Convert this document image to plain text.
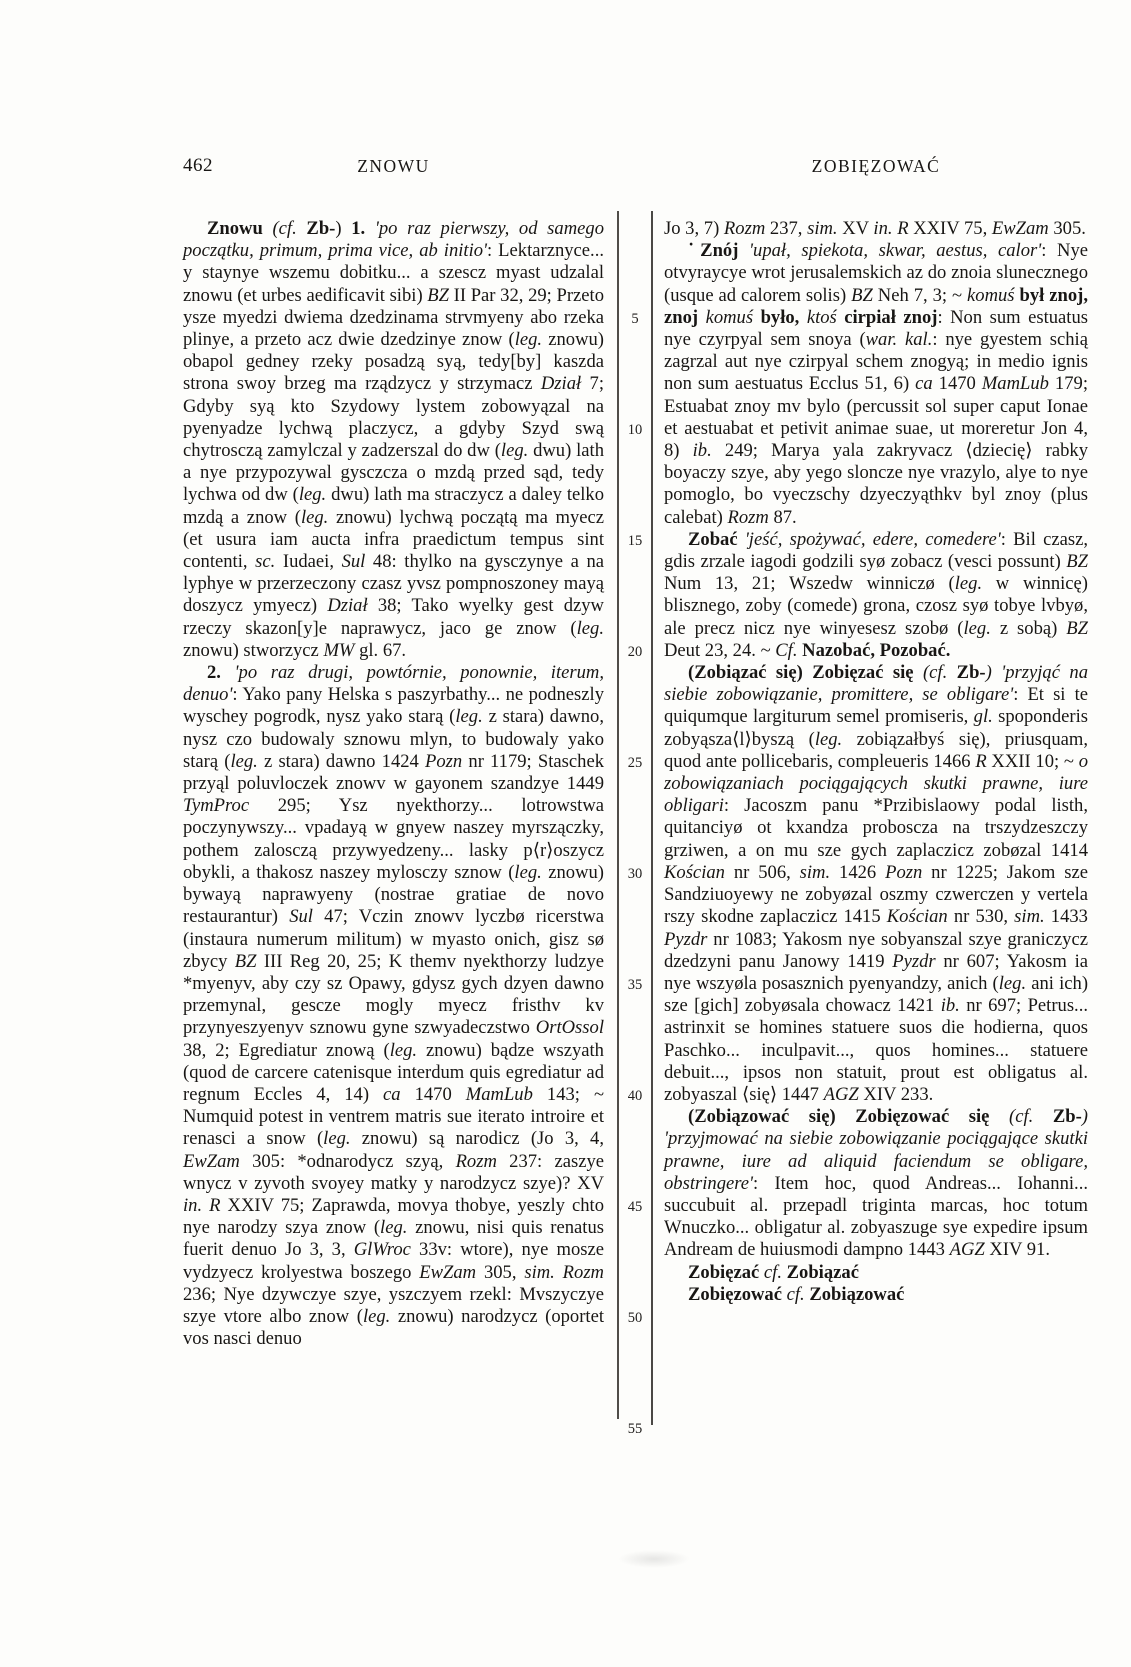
462	ZNOWU	ZOBIĘZOWAĆ
5
10
15
20
25
30
35
40
45
50
55

Znowu (cf. Zb-) 1. 'po raz pierwszy, od samego początku, primum, prima vice, ab initio': Lektarznyce... y staynye wszemu dobitku... a szescz myast udzalal znowu (et urbes aedificavit sibi) BZ II Par 32, 29; Przeto ysze myedzi dwiema dzedzinama strvmyeny abo rzeka plinye, a przeto acz dwie dzedzinye znow (leg. znowu) obapol gedney rzeky posadzą syą, tedy[by] kaszda strona swoy brzeg ma rządzycz y strzymacz Dział 7; Gdyby syą kto Szydowy lystem zobowyązal na pyenyadze lychwą placzycz, a gdyby Szyd swą chytrosczą zamylczal y zadzerszal do dw (leg. dwu) lath a nye przypozywal gysczcza o mzdą przed sąd, tedy lychwa od dw (leg. dwu) lath ma straczycz a daley telko mzdą a znow (leg. znowu) lychwą początą ma myecz (et usura iam aucta infra praedictum tempus sint contenti, sc. Iudaei, Sul 48: thylko na gysczynye a na lyphye w przerzeczony czasz yvsz pompnoszoney mayą doszycz ymyecz) Dział 38; Tako wyelky gest dzyw rzeczy skazon[y]e naprawycz, jaco ge znow (leg. znowu) stworzycz MW gl. 67.

2. 'po raz drugi, powtórnie, ponownie, iterum, denuo': Yako pany Helska s paszyrbathy... ne podneszly wyschey pogrodk, nysz yako starą (leg. z stara) dawno, nysz czo budowaly sznowu mlyn, to budowaly yako starą (leg. z stara) dawno 1424 Pozn nr 1179; Staschek przyąl poluvloczek znowv w gayonem szandzye 1449 TymProc 295; Ysz nyekthorzy... lotrowstwa poczynywszy... vpadayą w gnyew naszey myrszączky, pothem zalosczą przywyedzeny... lasky p⟨r⟩oszycz obykli, a thakosz naszey mylosczy sznow (leg. znowu) bywayą naprawyeny (nostrae gratiae de novo restaurantur) Sul 47; Vczin znowv lyczbø ricerstwa (instaura numerum militum) w myasto onich, gisz sø zbycy BZ III Reg 20, 25; K themv nyekthorzy ludzye *myenyv, aby czy sz Opawy, gdysz gych dzyen dawno przemynal, gescze mogly myecz fristhv kv przynyeszyenyv sznowu gyne szwyadeczstwo OrtOssol 38, 2; Egrediatur znową (leg. znowu) bądze wszyath (quod de carcere catenisque interdum quis egrediatur ad regnum Eccles 4, 14) ca 1470 MamLub 143; ~ Numquid potest in ventrem matris sue iterato introire et renasci a snow (leg. znowu) są narodicz (Jo 3, 4, EwZam 305: *odnarodycz szyą, Rozm 237: zaszye wnycz v zyvoth svoyey matky y narodzycz szye)? XV in. R XXIV 75; Zaprawda, movya thobye, yeszly chto nye narodzy szya znow (leg. znowu, nisi quis renatus fuerit denuo Jo 3, 3, GlWroc 33v: wtore), nye mosze vydzyecz krolyestwa boszego EwZam 305, sim. Rozm 236; Nye dzywczye szye, yszczyem rzekl: Mvszyczye szye vtore albo znow (leg. znowu) narodzycz (oportet vos nasci denuo

Jo 3, 7) Rozm 237, sim. XV in. R XXIV 75, EwZam 305.

˙Znój 'upał, spiekota, skwar, aestus, calor': Nye otvyraycye wrot jerusalemskich az do znoia slunecznego (usque ad calorem solis) BZ Neh 7, 3; ~ komuś był znoj, znoj komuś było, ktoś cirpiał znoj: Non sum estuatus nye czyrpyal sem snoya (war. kal.: nye gyestem schią zagrzal aut nye czirpyal schem znogyą; in medio ignis non sum aestuatus Ecclus 51, 6) ca 1470 MamLub 179; Estuabat znoy mv bylo (percussit sol super caput Ionae et aestuabat et petivit animae suae, ut moreretur Jon 4, 8) ib. 249; Marya yala zakryvacz ⟨dziecię⟩ rabky boyaczy szye, aby yego sloncze nye vrazylo, alye to nye pomoglo, bo vyeczschy dzyeczyąthkv byl znoy (plus calebat) Rozm 87.

Zobać 'jeść, spożywać, edere, comedere': Bil czasz, gdis zrzale iagodi godzili syø zobacz (vesci possunt) BZ Num 13, 21; Wszedw winniczø (leg. w winnicę) blisznego, zoby (comede) grona, czosz syø tobye lvbyø, ale precz nicz nye winyesesz szobø (leg. z sobą) BZ Deut 23, 24. ~ Cf. Nazobać, Pozobać.

(Zobiązać się) Zobięzać się (cf. Zb-) 'przyjąć na siebie zobowiązanie, promittere, se obligare': Et si te quiqumque largiturum semel promiseris, gl. spoponderis zobyąsza⟨l⟩byszą (leg. zobiązałbyś się), priusquam, quod ante pollicebaris, compleueris 1466 R XXII 10; ~ o zobowiązaniach pociągających skutki prawne, iure obligari: Jacoszm panu *Przibislaowy podal listh, quitanciyø ot kxandza proboscza na trszydzeszczy grziwen, a on mu sze gych zaplaczicz zobøzal 1414 Kościan nr 506, sim. 1426 Pozn nr 1225; Jakom sze Sandziuoyewy ne zobyøzal oszmy czwerczen y vertela rszy skodne zaplaczicz 1415 Kościan nr 530, sim. 1433 Pyzdr nr 1083; Yakosm nye sobyanszal szye graniczycz dzedzyni panu Janowy 1419 Pyzdr nr 607; Yakosm ia nye wszyøla posasznich pyenyandzy, anich (leg. ani ich) sze [gich] zobyøsala chowacz 1421 ib. nr 697; Petrus... astrinxit se homines statuere suos die hodierna, quos Paschko... inculpavit..., quos homines... statuere debuit..., ipsos non statuit, prout est obligatus al. zobyaszal ⟨się⟩ 1447 AGZ XIV 233.

(Zobiązować się) Zobięzować się (cf. Zb-) 'przyjmować na siebie zobowiązanie pociągające skutki prawne, iure ad aliquid faciendum se obligare, obstringere': Item hoc, quod Andreas... Iohanni... succubuit al. przepadl triginta marcas, hoc totum Wnuczko... obligatur al. zobyaszuge sye expedire ipsum Andream de huiusmodi dampno 1443 AGZ XIV 91.

Zobięzać cf. Zobiązać

Zobięzować cf. Zobiązować
